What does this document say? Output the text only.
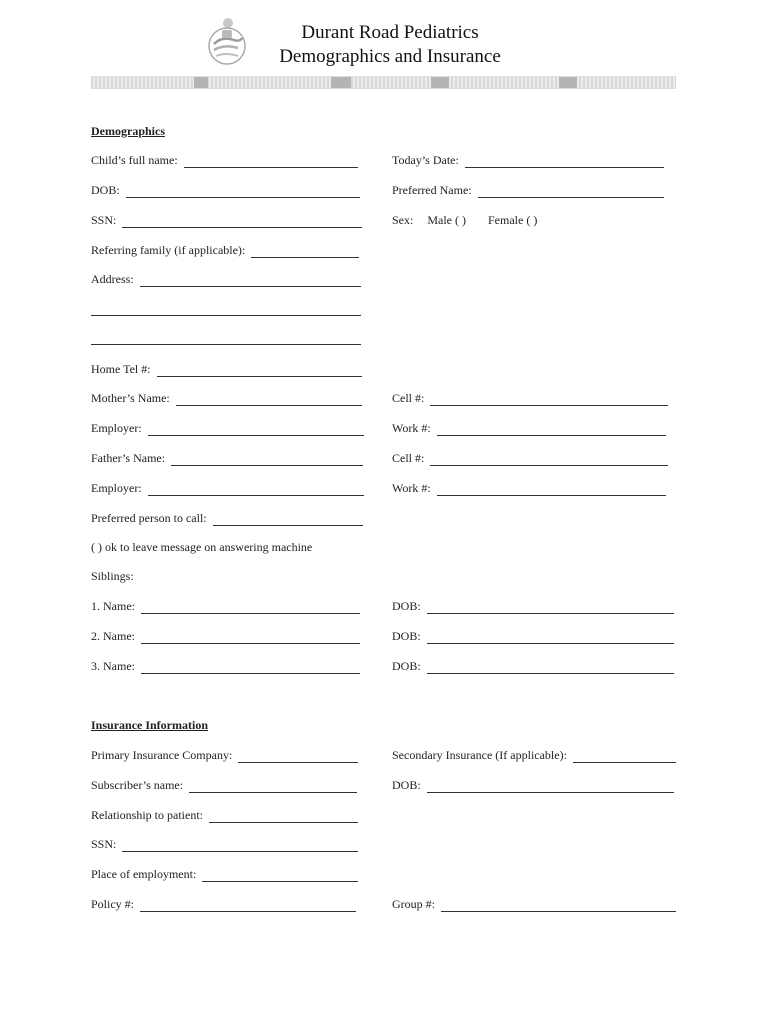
Durant Road Pediatrics
Demographics and Insurance
Demographics
Child’s full name:	Today’s Date:
DOB:	Preferred Name:
SSN:	Sex: Male ( ) Female ( )
Referring family (if applicable):
Address:
Home Tel #:
Mother’s Name:	Cell #:
Employer:	Work #:
Father’s Name:	Cell #:
Employer:	Work #:
Preferred person to call:
( ) ok to leave message on answering machine
Siblings:
1. Name:	DOB:
2. Name:	DOB:
3. Name:	DOB:
Insurance Information
Primary Insurance Company:	Secondary Insurance (If applicable):
Subscriber’s name:	DOB:
Relationship to patient:
SSN:
Place of employment:
Policy #:	Group #:
